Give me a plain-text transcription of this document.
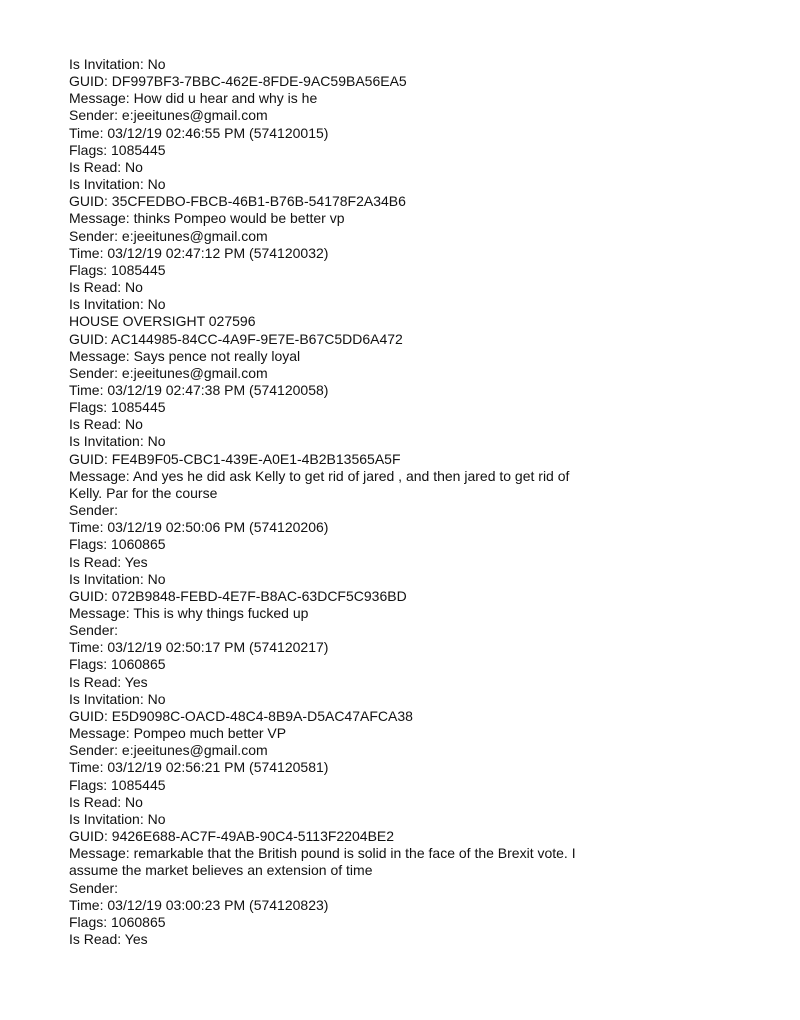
Is Invitation: No
GUID: DF997BF3-7BBC-462E-8FDE-9AC59BA56EA5
Message: How did u hear and why is he
Sender: e:jeeitunes@gmail.com
Time: 03/12/19 02:46:55 PM (574120015)
Flags: 1085445
Is Read: No
Is Invitation: No
GUID: 35CFEDBO-FBCB-46B1-B76B-54178F2A34B6
Message: thinks Pompeo would be better vp
Sender: e:jeeitunes@gmail.com
Time: 03/12/19 02:47:12 PM (574120032)
Flags: 1085445
Is Read: No
Is Invitation: No
HOUSE OVERSIGHT 027596
GUID: AC144985-84CC-4A9F-9E7E-B67C5DD6A472
Message: Says pence not really loyal
Sender: e:jeeitunes@gmail.com
Time: 03/12/19 02:47:38 PM (574120058)
Flags: 1085445
Is Read: No
Is Invitation: No
GUID: FE4B9F05-CBC1-439E-A0E1-4B2B13565A5F
Message: And yes he did ask Kelly to get rid of jared , and then jared to get rid of
Kelly. Par for the course
Sender:
Time: 03/12/19 02:50:06 PM (574120206)
Flags: 1060865
Is Read: Yes
Is Invitation: No
GUID: 072B9848-FEBD-4E7F-B8AC-63DCF5C936BD
Message: This is why things fucked up
Sender:
Time: 03/12/19 02:50:17 PM (574120217)
Flags: 1060865
Is Read: Yes
Is Invitation: No
GUID: E5D9098C-OACD-48C4-8B9A-D5AC47AFCA38
Message: Pompeo much better VP
Sender: e:jeeitunes@gmail.com
Time: 03/12/19 02:56:21 PM (574120581)
Flags: 1085445
Is Read: No
Is Invitation: No
GUID: 9426E688-AC7F-49AB-90C4-5113F2204BE2
Message: remarkable that the British pound is solid in the face of the Brexit vote. I
assume the market believes an extension of time
Sender:
Time: 03/12/19 03:00:23 PM (574120823)
Flags: 1060865
Is Read: Yes
